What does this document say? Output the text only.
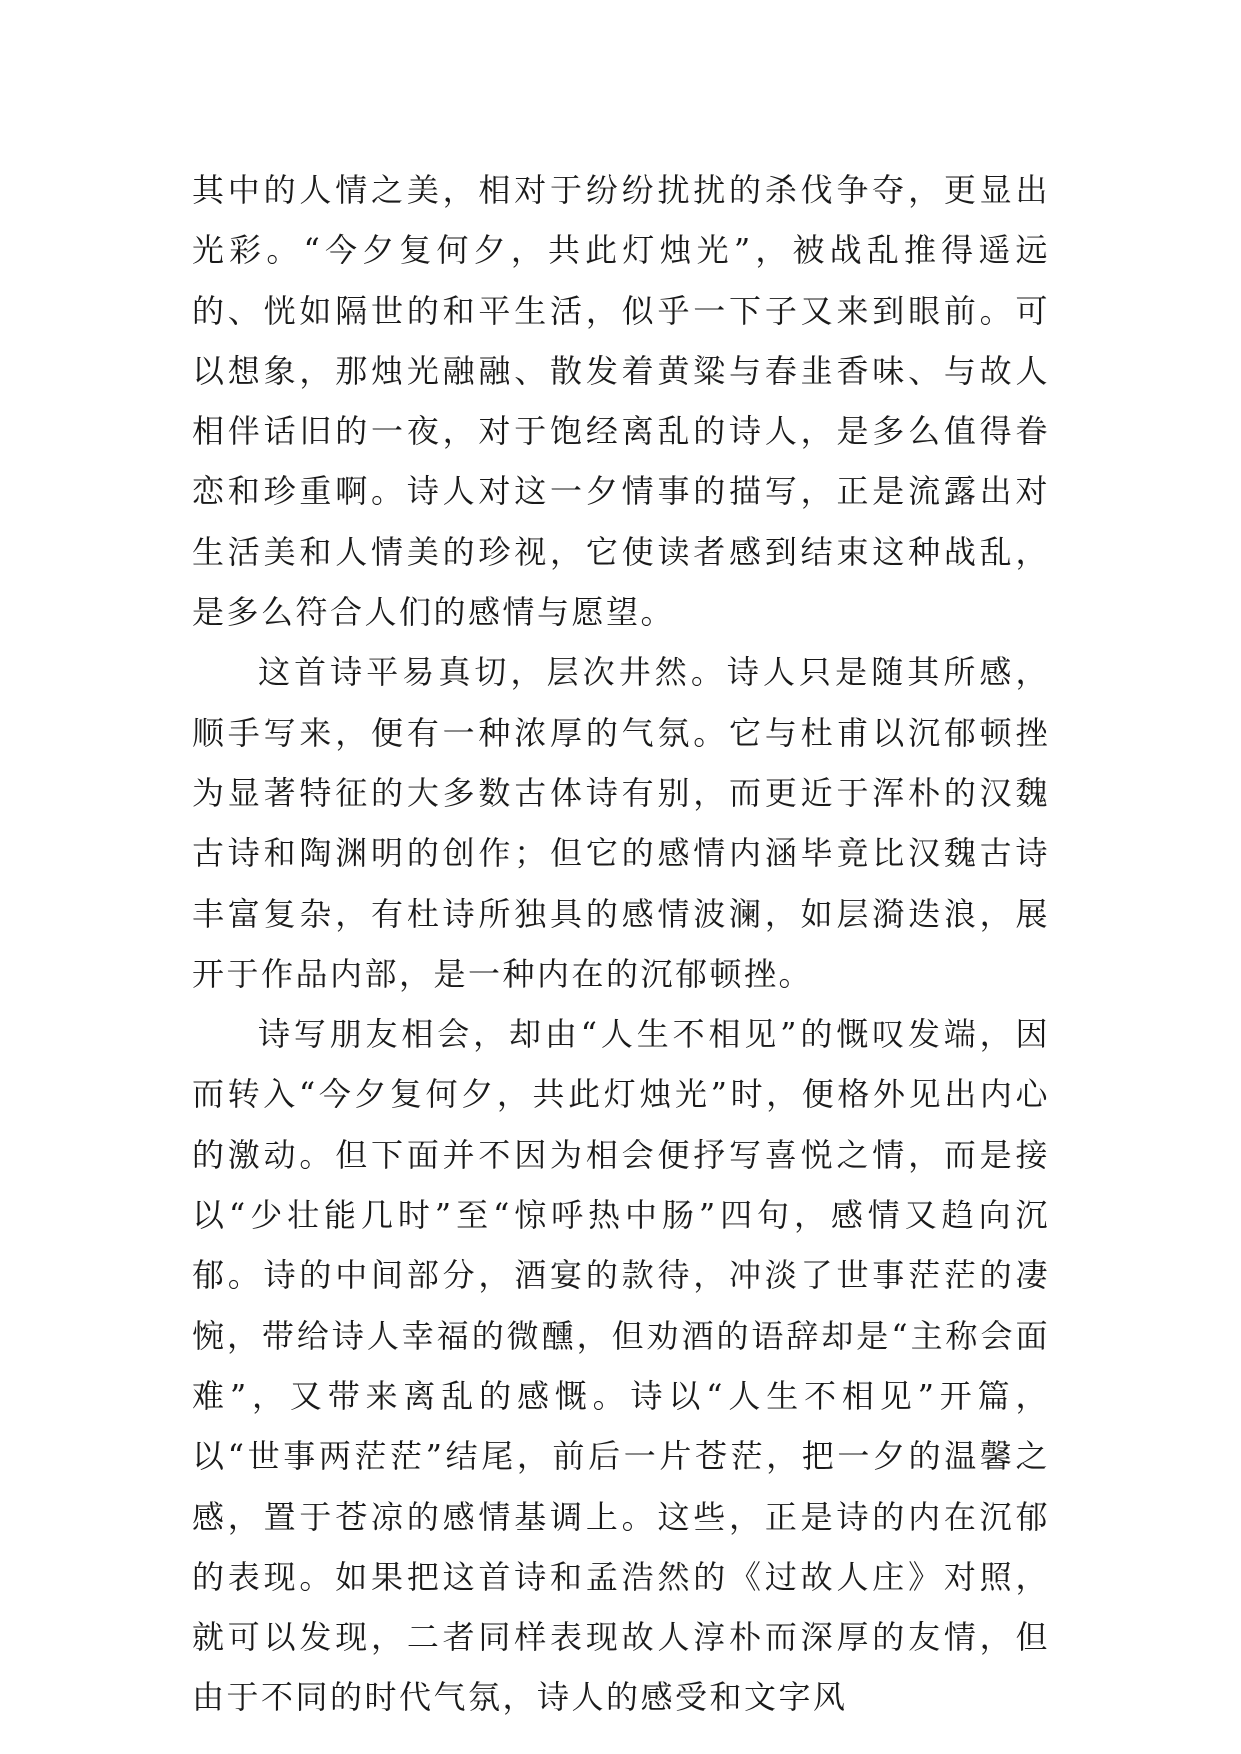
其中的人情之美，相对于纷纷扰扰的杀伐争夺，更显出光彩。“今夕复何夕，共此灯烛光”，被战乱推得遥远的、恍如隔世的和平生活，似乎一下子又来到眼前。可以想象，那烛光融融、散发着黄粱与春韭香味、与故人相伴话旧的一夜，对于饱经离乱的诗人，是多么值得眷恋和珍重啊。诗人对这一夕情事的描写，正是流露出对生活美和人情美的珍视，它使读者感到结束这种战乱，是多么符合人们的感情与愿望。

这首诗平易真切，层次井然。诗人只是随其所感，顺手写来，便有一种浓厚的气氛。它与杜甫以沉郁顿挫为显著特征的大多数古体诗有别，而更近于浑朴的汉魏古诗和陶渊明的创作；但它的感情内涵毕竟比汉魏古诗丰富复杂，有杜诗所独具的感情波澜，如层漪迭浪，展开于作品内部，是一种内在的沉郁顿挫。

诗写朋友相会，却由“人生不相见”的慨叹发端，因而转入“今夕复何夕，共此灯烛光”时，便格外见出内心的激动。但下面并不因为相会便抒写喜悦之情，而是接以“少壮能几时”至“惊呼热中肠”四句，感情又趋向沉郁。诗的中间部分，酒宴的款待，冲淡了世事茫茫的凄惋，带给诗人幸福的微醺，但劝酒的语辞却是“主称会面难”，又带来离乱的感慨。诗以“人生不相见”开篇，以“世事两茫茫”结尾，前后一片苍茫，把一夕的温馨之感，置于苍凉的感情基调上。这些，正是诗的内在沉郁的表现。如果把这首诗和孟浩然的《过故人庄》对照，就可以发现，二者同样表现故人淳朴而深厚的友情，但由于不同的时代气氛，诗人的感受和文字风
